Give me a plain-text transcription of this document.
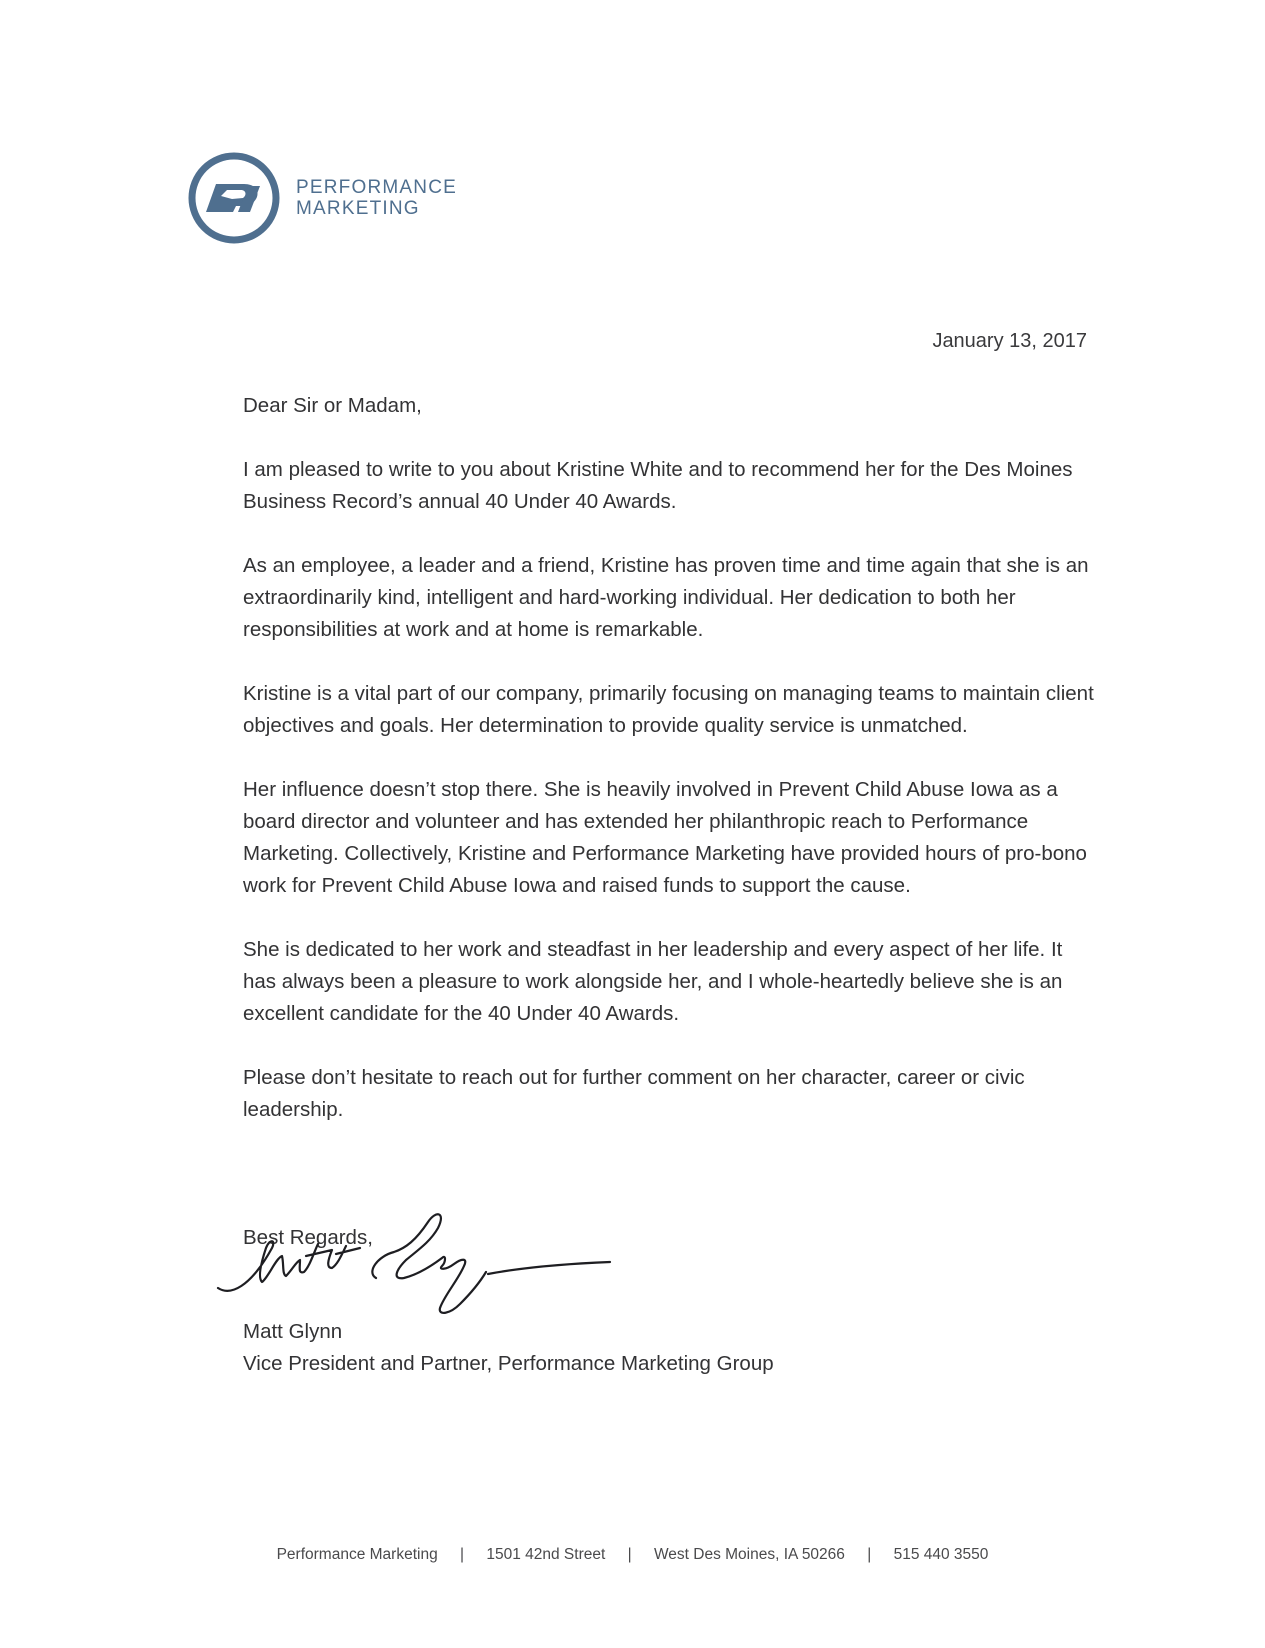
PERFORMANCE
MARKETING
January 13, 2017

Dear Sir or Madam,

I am pleased to write to you about Kristine White and to recommend her for the Des Moines Business Record’s annual 40 Under 40 Awards.

As an employee, a leader and a friend, Kristine has proven time and time again that she is an extraordinarily kind, intelligent and hard-working individual. Her dedication to both her responsibilities at work and at home is remarkable.

Kristine is a vital part of our company, primarily focusing on managing teams to maintain client objectives and goals. Her determination to provide quality service is unmatched.

Her influence doesn’t stop there. She is heavily involved in Prevent Child Abuse Iowa as a board director and volunteer and has extended her philanthropic reach to Performance Marketing. Collectively, Kristine and Performance Marketing have provided hours of pro-bono work for Prevent Child Abuse Iowa and raised funds to support the cause.

She is dedicated to her work and steadfast in her leadership and every aspect of her life. It has always been a pleasure to work alongside her, and I whole-heartedly believe she is an excellent candidate for the 40 Under 40 Awards.

Please don’t hesitate to reach out for further comment on her character, career or civic leadership.

Best Regards,
Matt Glynn
Vice President and Partner, Performance Marketing Group
Performance Marketing | 1501 42nd Street | West Des Moines, IA 50266 | 515 440 3550
